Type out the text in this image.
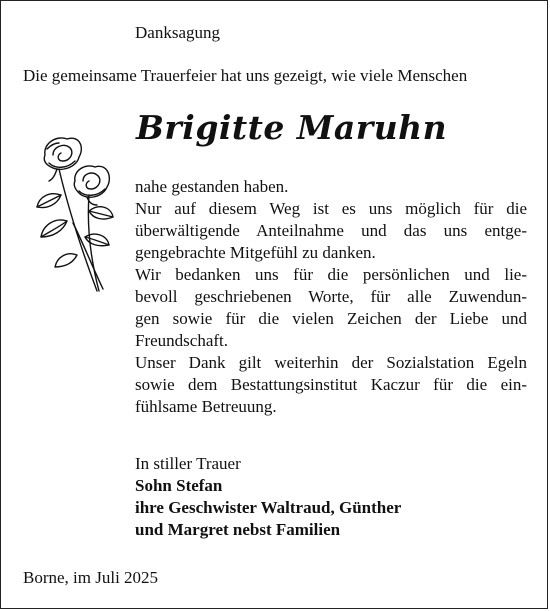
Danksagung
Die gemeinsame Trauerfeier hat uns gezeigt, wie viele Menschen
Brigitte Maruhn
nahe gestanden haben.
Nur auf diesem Weg ist es uns möglich für die
überwältigende Anteilnahme und das uns entge-
gengebrachte Mitgefühl zu danken.
Wir bedanken uns für die persönlichen und lie-
bevoll geschriebenen Worte, für alle Zuwendun-
gen sowie für die vielen Zeichen der Liebe und
Freundschaft.
Unser Dank gilt weiterhin der Sozialstation Egeln
sowie dem Bestattungsinstitut Kaczur für die ein-
fühlsame Betreuung.
In stiller Trauer
Sohn Stefan
ihre Geschwister Waltraud, Günther
und Margret nebst Familien
Borne, im Juli 2025
